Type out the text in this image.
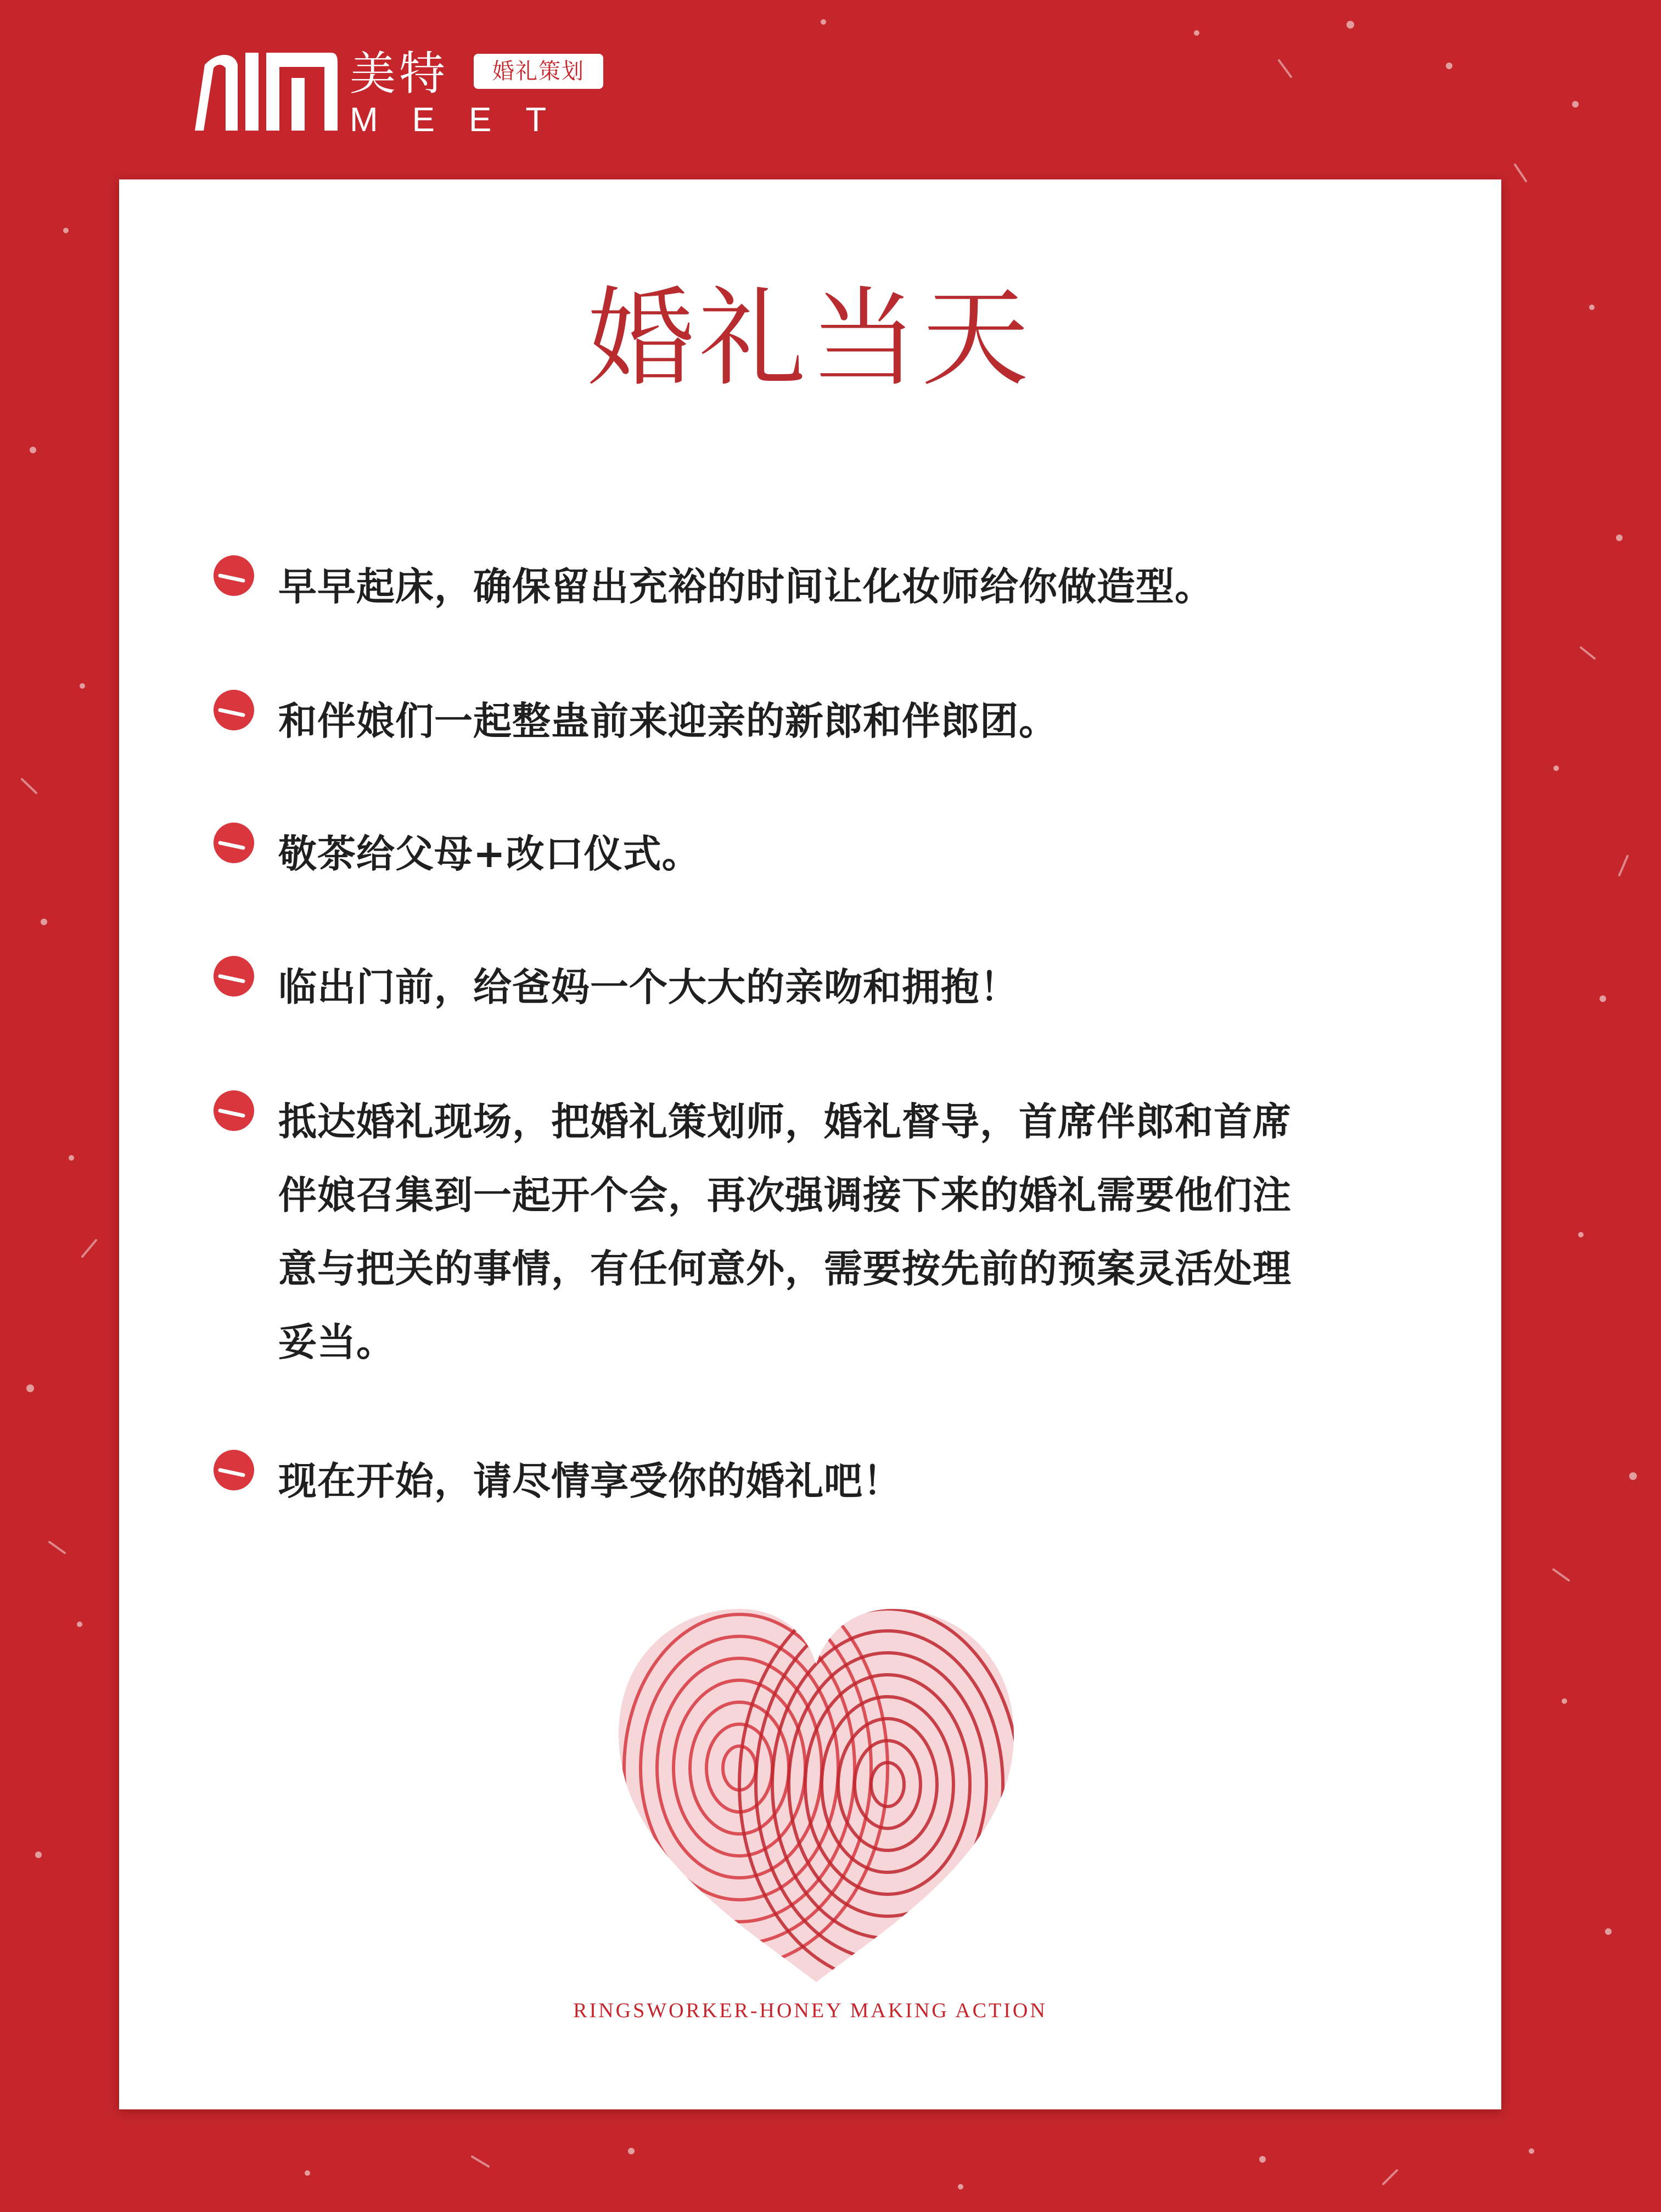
美特	婚礼策划
MEET
婚礼当天
早早起床，确保留出充裕的时间让化妆师给你做造型。
和伴娘们一起整蛊前来迎亲的新郎和伴郎团。
敬茶给父母+改口仪式。
临出门前，给爸妈一个大大的亲吻和拥抱！
抵达婚礼现场，把婚礼策划师，婚礼督导，首席伴郎和首席伴娘召集到一起开个会，再次强调接下来的婚礼需要他们注意与把关的事情，有任何意外，需要按先前的预案灵活处理妥当。
现在开始，请尽情享受你的婚礼吧！
RINGSWORKER-HONEY MAKING ACTION
